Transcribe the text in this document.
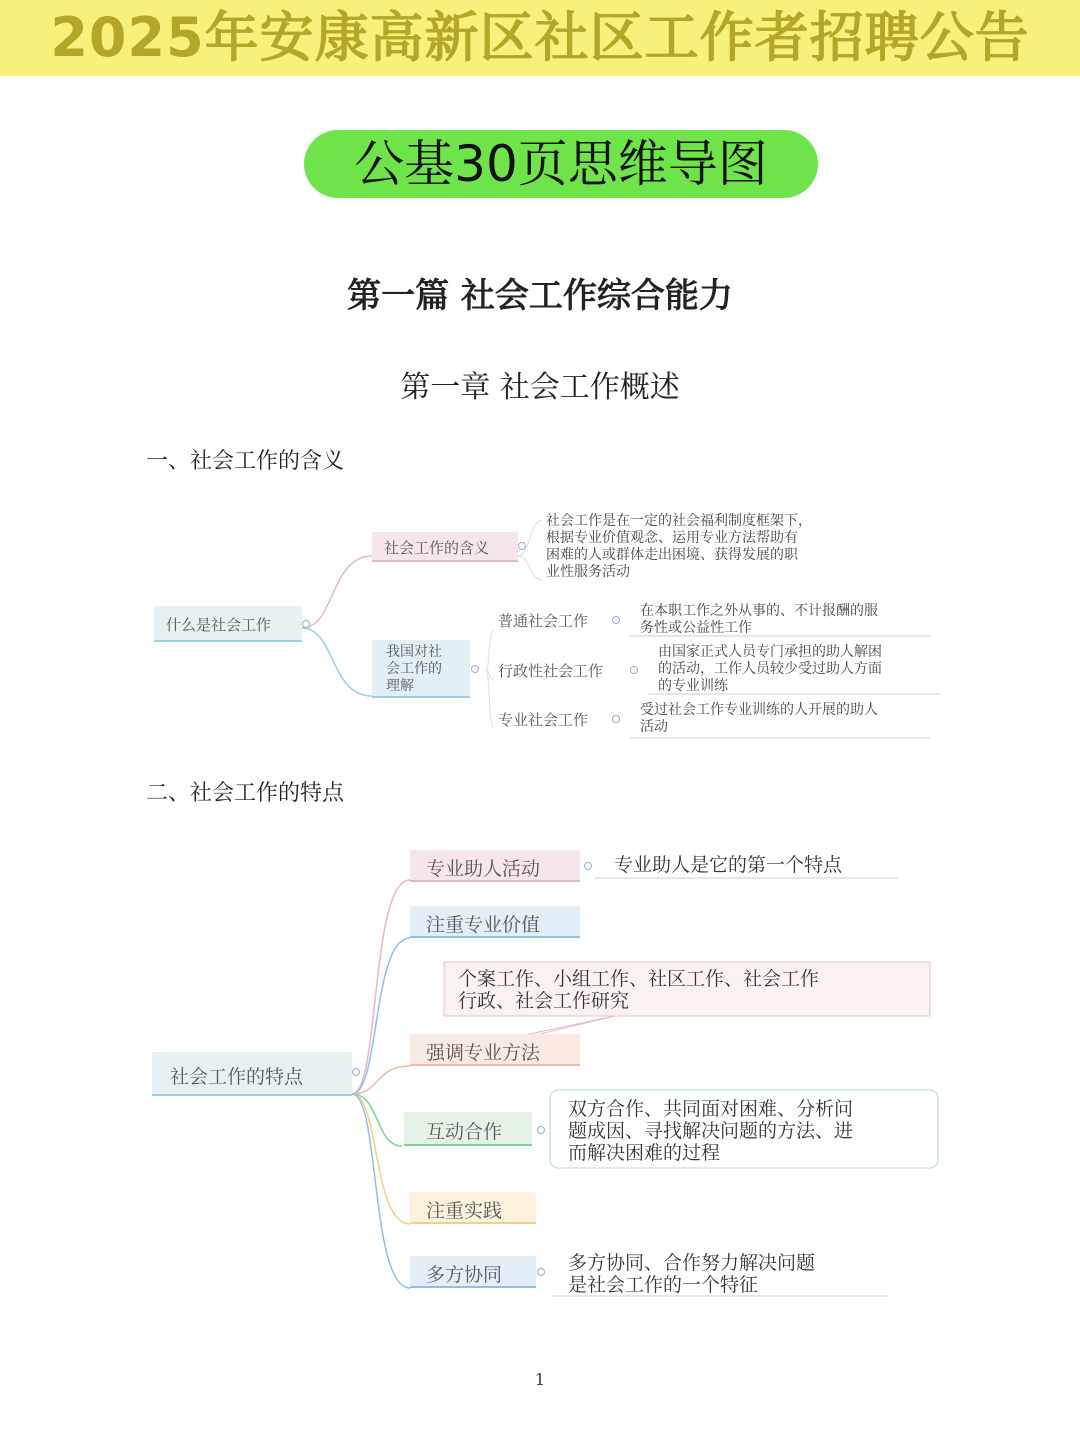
2025年安康高新区社区工作者招聘公告
公基30页思维导图
第一篇 社会工作综合能力
第一章 社会工作概述
一、社会工作的含义
二、社会工作的特点
什么是社会工作
社会工作的含义
社会工作是在一定的社会福利制度框架下，
根据专业价值观念、运用专业方法帮助有
困难的人或群体走出困境、获得发展的职
业性服务活动
我国对社
会工作的
理解
普通社会工作
在本职工作之外从事的、不计报酬的服
务性或公益性工作
行政性社会工作
由国家正式人员专门承担的助人解困
的活动，工作人员较少受过助人方面
的专业训练
专业社会工作
受过社会工作专业训练的人开展的助人
活动
社会工作的特点
专业助人活动	专业助人是它的第一个特点
注重专业价值
个案工作、小组工作、社区工作、社会工作
行政、社会工作研究
强调专业方法
互动合作
双方合作、共同面对困难、分析问
题成因、寻找解决问题的方法、进
而解决困难的过程
注重实践
多方协同
多方协同、合作努力解决问题
是社会工作的一个特征
1
